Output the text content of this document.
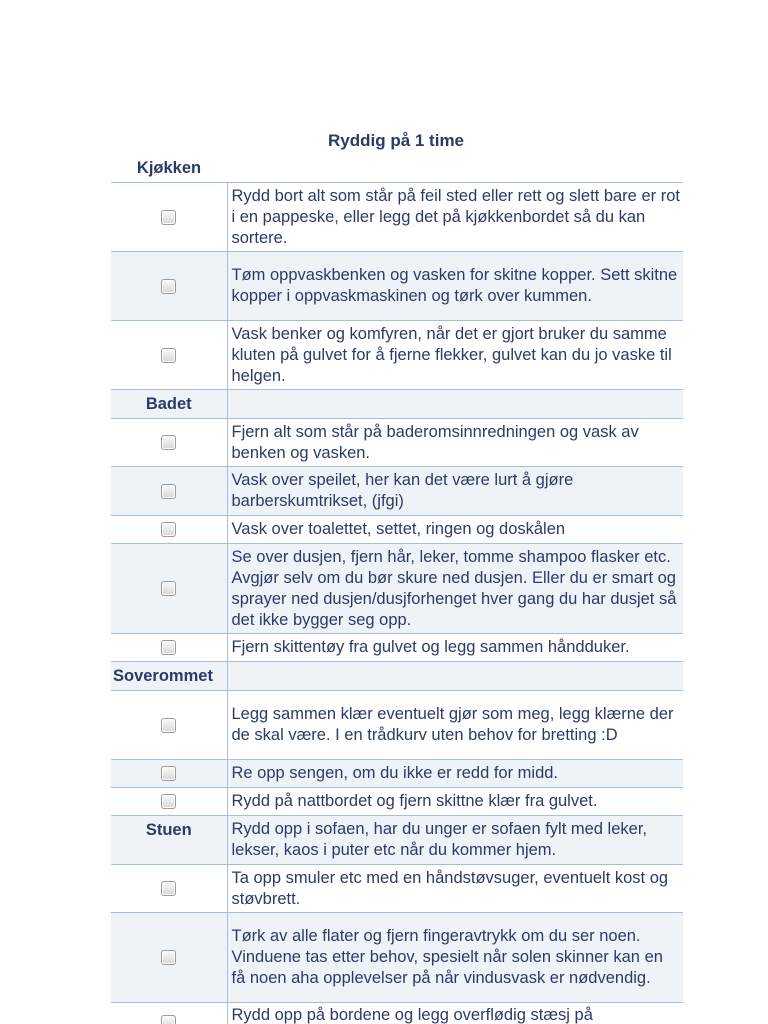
Ryddig på 1 time
Kjøkken	
	Rydd bort alt som står på feil sted eller rett og slett bare er rot i en pappeske, eller legg det på kjøkkenbordet så du kan sortere.
	Tøm oppvaskbenken og vasken for skitne kopper. Sett skitne kopper i oppvaskmaskinen og tørk over kummen.
	Vask benker og komfyren, når det er gjort bruker du samme kluten på gulvet for å fjerne flekker, gulvet kan du jo vaske til helgen.
Badet	
	Fjern alt som står på baderomsinnredningen og vask av benken og vasken.
	Vask over speilet, her kan det være lurt å gjøre barberskumtrikset, (jfgi)
	Vask over toalettet, settet, ringen og doskålen
	Se over dusjen, fjern hår, leker, tomme shampoo flasker etc. Avgjør selv om du bør skure ned dusjen. Eller du er smart og sprayer ned dusjen/dusjforhenget hver gang du har dusjet så det ikke bygger seg opp.
	Fjern skittentøy fra gulvet og legg sammen håndduker.
Soverommet	
	Legg sammen klær eventuelt gjør som meg, legg klærne der de skal være. I en trådkurv uten behov for bretting :D
	Re opp sengen, om du ikke er redd for midd.
	Rydd på nattbordet og fjern skittne klær fra gulvet.
Stuen	Rydd opp i sofaen, har du unger er sofaen fylt med leker, lekser, kaos i puter etc når du kommer hjem.
	Ta opp smuler etc med en håndstøvsuger, eventuelt kost og støvbrett.
	Tørk av alle flater og fjern fingeravtrykk om du ser noen. Vinduene tas etter behov, spesielt når solen skinner kan en få noen aha opplevelser på når vindusvask er nødvendig.
	Rydd opp på bordene og legg overflødig stæsj på
